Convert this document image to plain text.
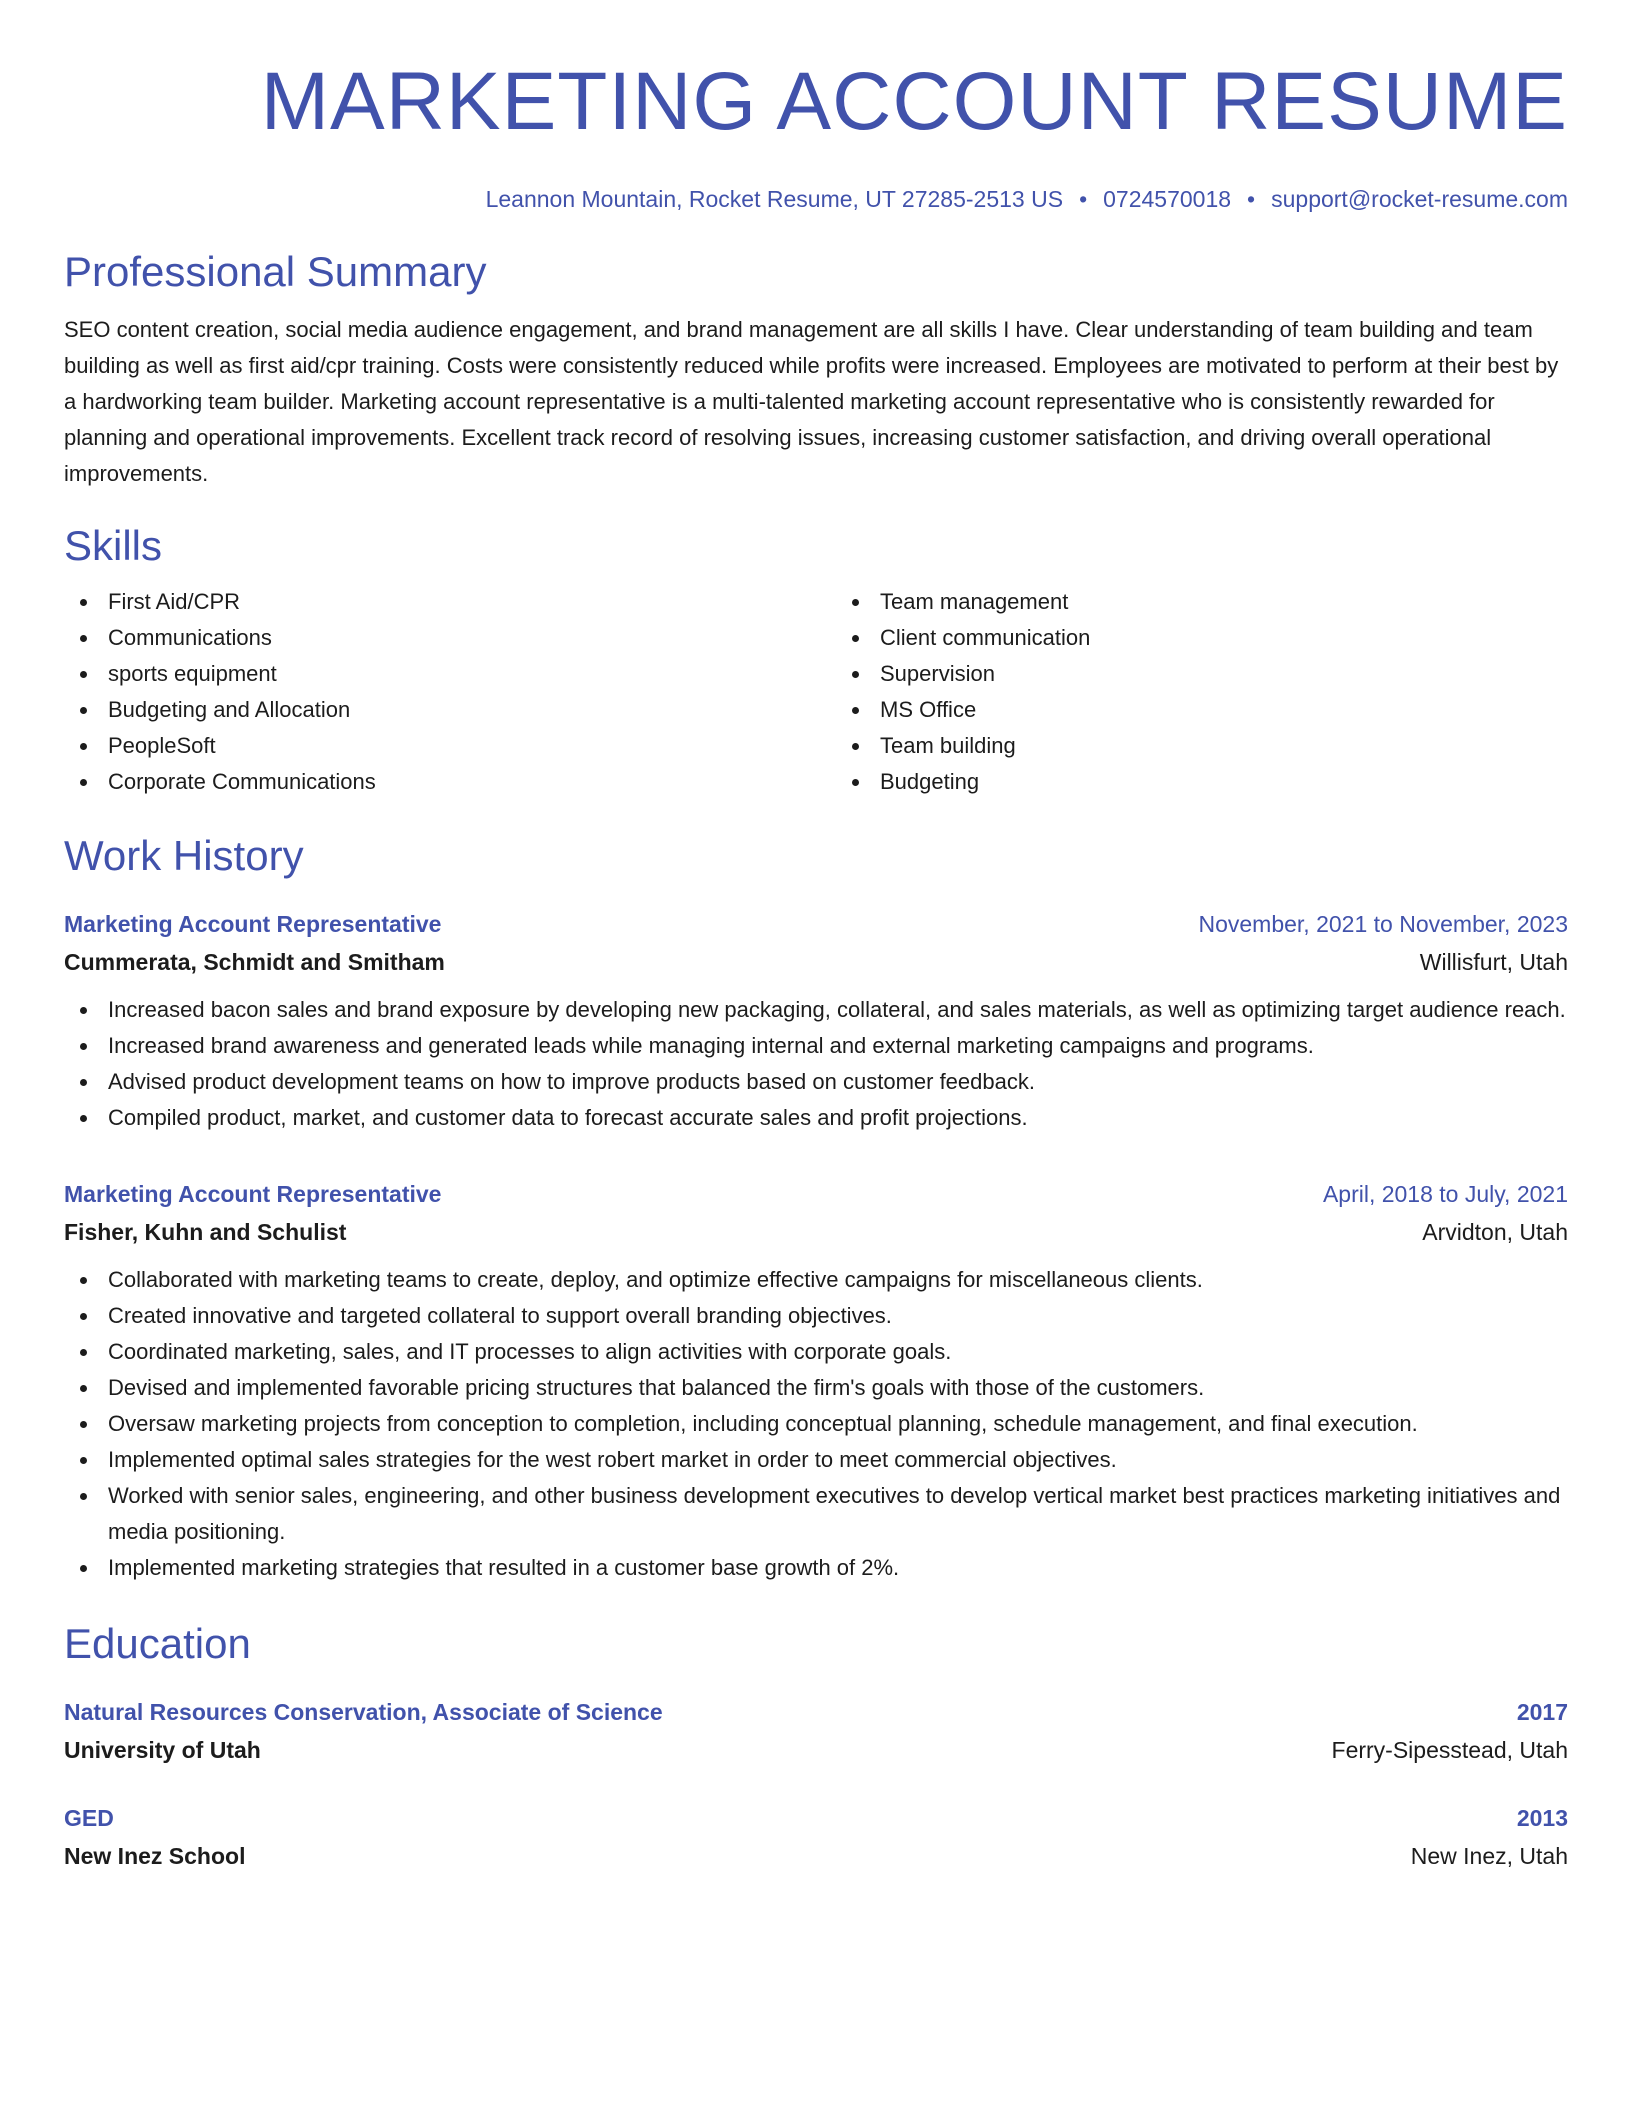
MARKETING ACCOUNT RESUME
Leannon Mountain, Rocket Resume, UT 27285-2513 US • 0724570018 • support@rocket-resume.com
Professional Summary
SEO content creation, social media audience engagement, and brand management are all skills I have. Clear understanding of team building and team building as well as first aid/cpr training. Costs were consistently reduced while profits were increased. Employees are motivated to perform at their best by a hardworking team builder. Marketing account representative is a multi-talented marketing account representative who is consistently rewarded for planning and operational improvements. Excellent track record of resolving issues, increasing customer satisfaction, and driving overall operational improvements.
Skills
First Aid/CPR
Communications
sports equipment
Budgeting and Allocation
PeopleSoft
Corporate Communications
Team management
Client communication
Supervision
MS Office
Team building
Budgeting
Work History
Marketing Account Representative	November, 2021 to November, 2023
Cummerata, Schmidt and Smitham	Willisfurt, Utah
Increased bacon sales and brand exposure by developing new packaging, collateral, and sales materials, as well as optimizing target audience reach.
Increased brand awareness and generated leads while managing internal and external marketing campaigns and programs.
Advised product development teams on how to improve products based on customer feedback.
Compiled product, market, and customer data to forecast accurate sales and profit projections.
Marketing Account Representative	April, 2018 to July, 2021
Fisher, Kuhn and Schulist	Arvidton, Utah
Collaborated with marketing teams to create, deploy, and optimize effective campaigns for miscellaneous clients.
Created innovative and targeted collateral to support overall branding objectives.
Coordinated marketing, sales, and IT processes to align activities with corporate goals.
Devised and implemented favorable pricing structures that balanced the firm's goals with those of the customers.
Oversaw marketing projects from conception to completion, including conceptual planning, schedule management, and final execution.
Implemented optimal sales strategies for the west robert market in order to meet commercial objectives.
Worked with senior sales, engineering, and other business development executives to develop vertical market best practices marketing initiatives and media positioning.
Implemented marketing strategies that resulted in a customer base growth of 2%.
Education
Natural Resources Conservation, Associate of Science	2017
University of Utah	Ferry-Sipesstead, Utah
GED	2013
New Inez School	New Inez, Utah
